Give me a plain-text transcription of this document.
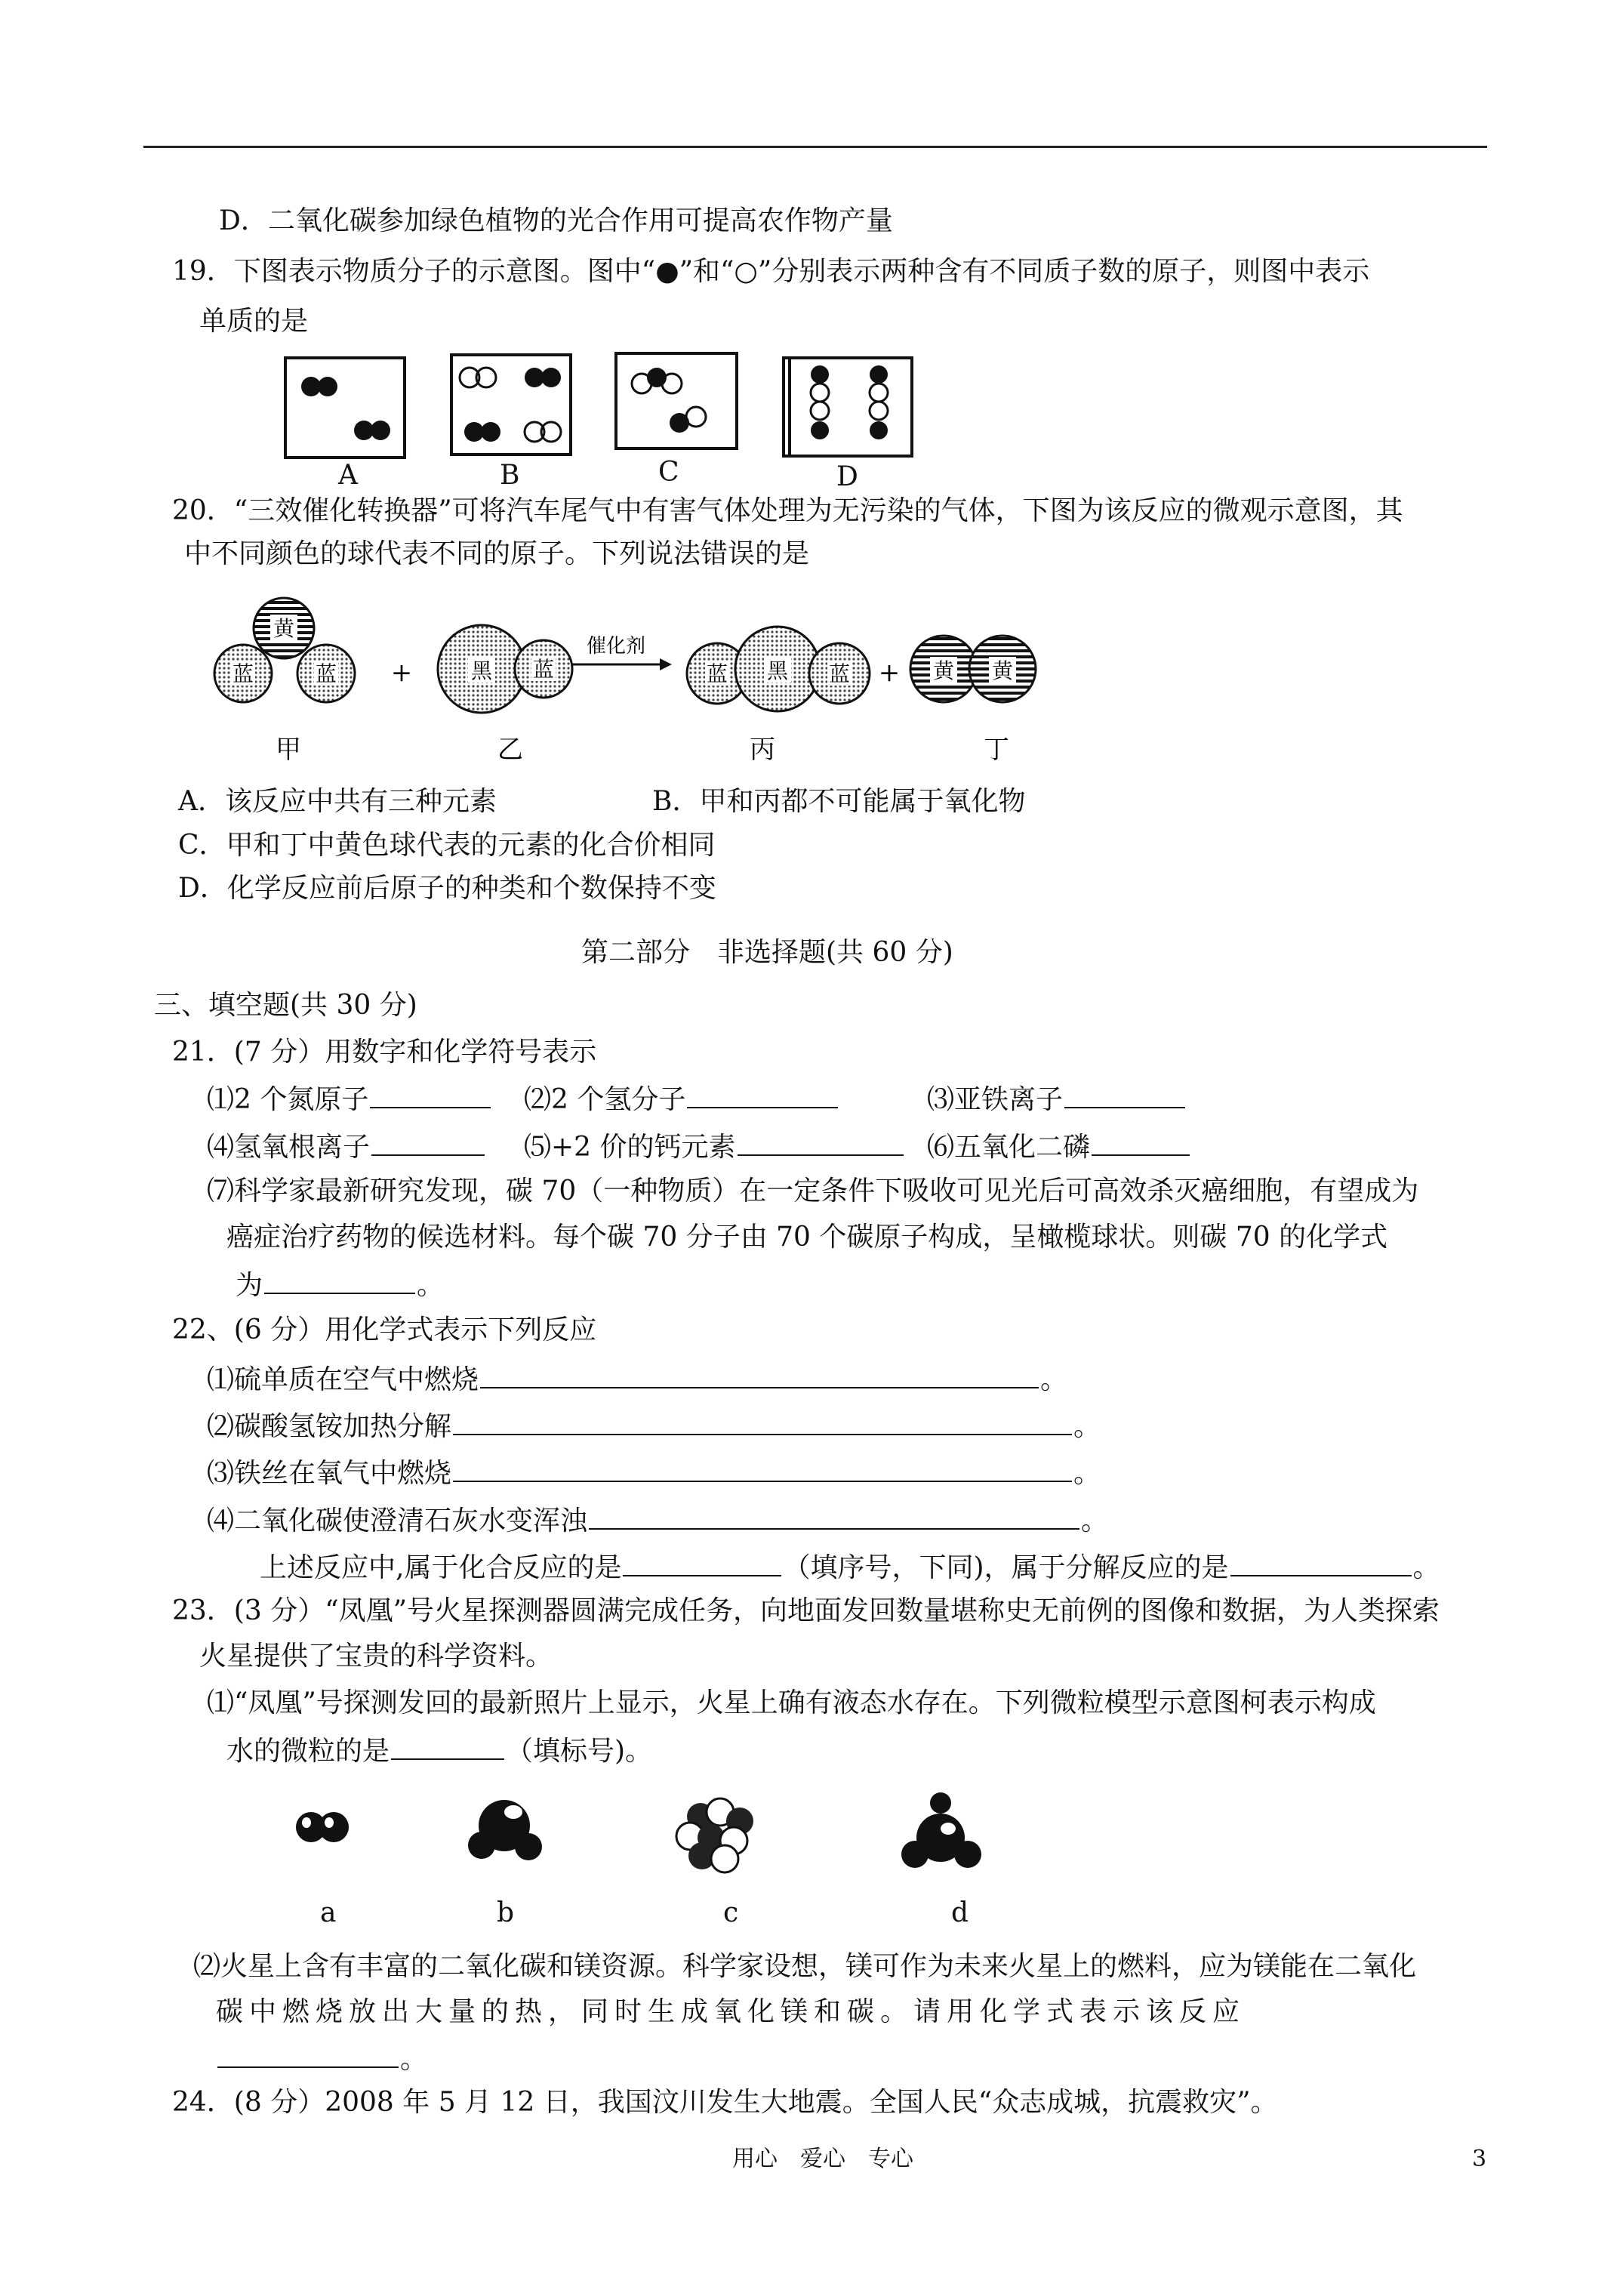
D．二氧化碳参加绿色植物的光合作用可提高农作物产量
19．下图表示物质分子的示意图。图中“●”和“○”分别表示两种含有不同质子数的原子，则图中表示
单质的是
A	B	C	D
20．“三效催化转换器”可将汽车尾气中有害气体处理为无污染的气体，下图为该反应的微观示意图，其
中不同颜色的球代表不同的原子。下列说法错误的是
黄
蓝	蓝 +	黑 蓝
催化剂
蓝 黑 蓝 + 黄 黄
甲	乙	丙	丁
A．该反应中共有三种元素	B．甲和丙都不可能属于氧化物
C．甲和丁中黄色球代表的元素的化合价相同
D．化学反应前后原子的种类和个数保持不变
第二部分　非选择题(共 60 分)
三、填空题(共 30 分)
21．(7 分）用数字和化学符号表示
⑴2 个氮原子	⑵2 个氢分子	⑶亚铁离子
⑷氢氧根离子	⑸+2 价的钙元素	⑹五氧化二磷
⑺科学家最新研究发现，碳 70（一种物质）在一定条件下吸收可见光后可高效杀灭癌细胞，有望成为
癌症治疗药物的候选材料。每个碳 70 分子由 70 个碳原子构成，呈橄榄球状。则碳 70 的化学式
为	。
22、(6 分）用化学式表示下列反应
⑴硫单质在空气中燃烧	。
⑵碳酸氢铵加热分解	。
⑶铁丝在氧气中燃烧	。
⑷二氧化碳使澄清石灰水变浑浊	。
上述反应中,属于化合反应的是	（填序号，下同)，属于分解反应的是	。
23．(3 分）“凤凰”号火星探测器圆满完成任务，向地面发回数量堪称史无前例的图像和数据，为人类探索
火星提供了宝贵的科学资料。
⑴“凤凰”号探测发回的最新照片上显示，火星上确有液态水存在。下列微粒模型示意图柯表示构成
水的微粒的是	（填标号)。
a	b	c	d
⑵火星上含有丰富的二氧化碳和镁资源。科学家设想，镁可作为未来火星上的燃料，应为镁能在二氧化
碳中燃烧放出大量的热，同时生成氧化镁和碳。请用化学式表示该反应
。
24．(8 分）2008 年 5 月 12 日，我国汶川发生大地震。全国人民“众志成城，抗震救灾”。
用心　爱心　专心	3
